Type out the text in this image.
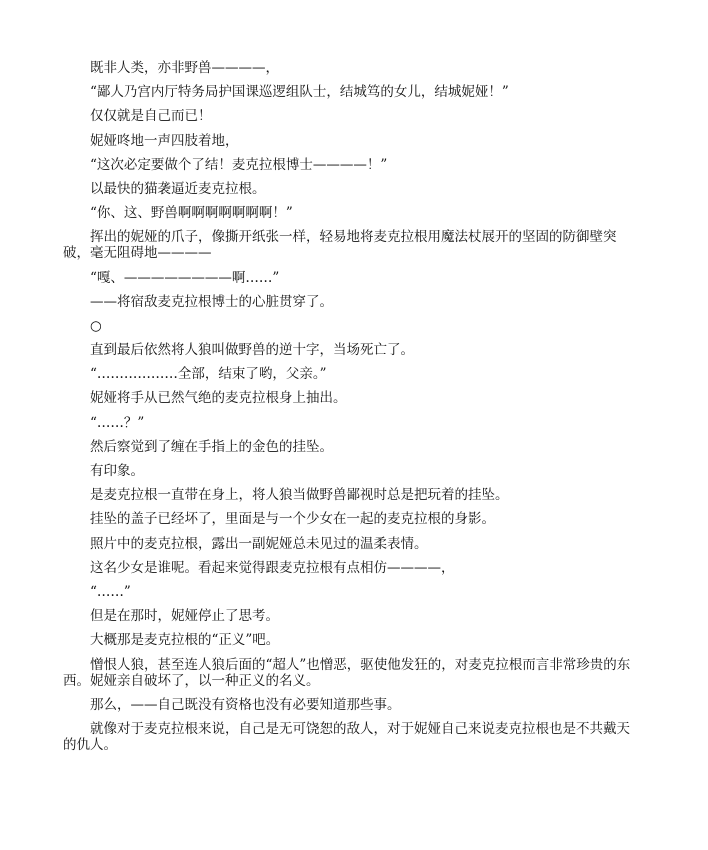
既非人类，亦非野兽————，

“鄙人乃宫内厅特务局护国课巡逻组队士，结城笃的女儿，结城妮娅！”

仅仅就是自己而已！

妮娅咚地一声四肢着地，

“这次必定要做个了结！麦克拉根博士————！”

以最快的猫袭逼近麦克拉根。

“你、这、野兽啊啊啊啊啊啊啊！”

挥出的妮娅的爪子，像撕开纸张一样，轻易地将麦克拉根用魔法杖展开的坚固的防御壁突破，毫无阻碍地————

“嘎、————————啊……”

——将宿敌麦克拉根博士的心脏贯穿了。

○

直到最后依然将人狼叫做野兽的逆十字，当场死亡了。

“………………全部，结束了哟，父亲。”

妮娅将手从已然气绝的麦克拉根身上抽出。

“……？”

然后察觉到了缠在手指上的金色的挂坠。

有印象。

是麦克拉根一直带在身上，将人狼当做野兽鄙视时总是把玩着的挂坠。

挂坠的盖子已经坏了，里面是与一个少女在一起的麦克拉根的身影。

照片中的麦克拉根，露出一副妮娅总未见过的温柔表情。

这名少女是谁呢。看起来觉得跟麦克拉根有点相仿————，

“……”

但是在那时，妮娅停止了思考。

大概那是麦克拉根的“正义”吧。

憎恨人狼，甚至连人狼后面的“超人”也憎恶，驱使他发狂的，对麦克拉根而言非常珍贵的东西。妮娅亲自破坏了，以一种正义的名义。

那么，——自己既没有资格也没有必要知道那些事。

就像对于麦克拉根来说，自己是无可饶恕的敌人，对于妮娅自己来说麦克拉根也是不共戴天的仇人。
